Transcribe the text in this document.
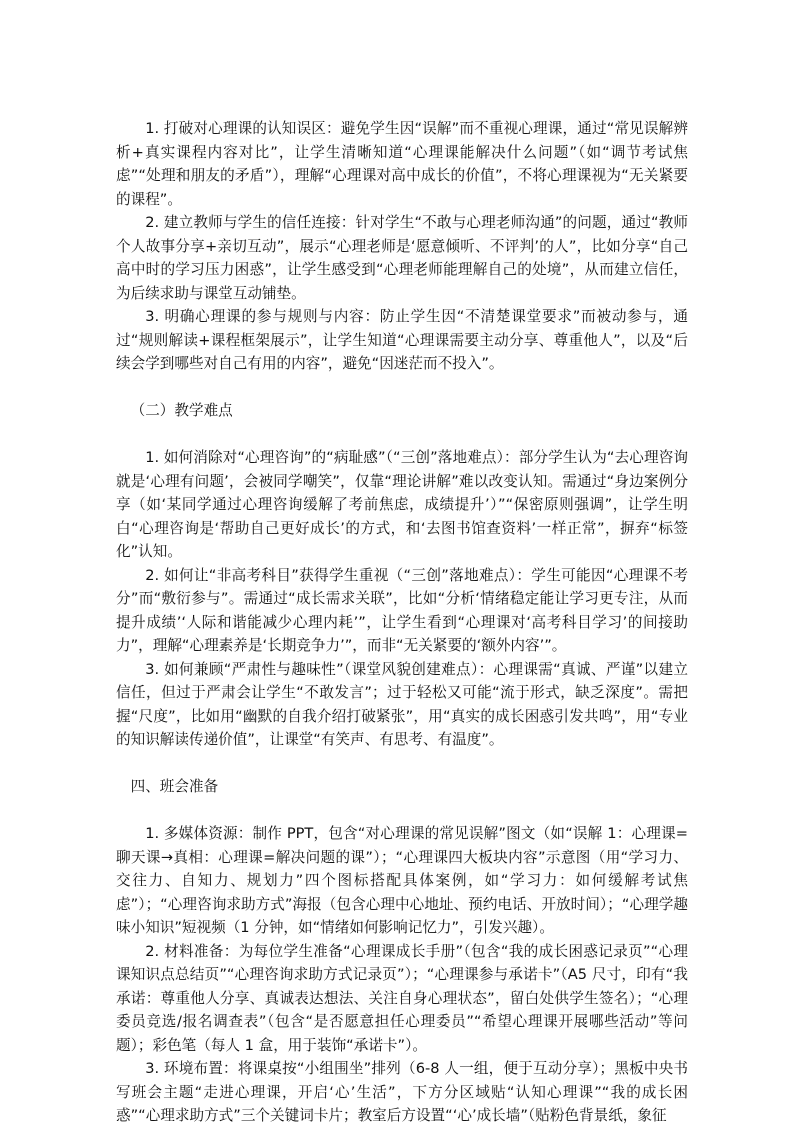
1. 打破对心理课的认知误区：避免学生因“误解”而不重视心理课，通过“常见误解辨析+真实课程内容对比”，让学生清晰知道“心理课能解决什么问题”（如“调节考试焦虑”“处理和朋友的矛盾”），理解“心理课对高中成长的价值”，不将心理课视为“无关紧要的课程”。

2. 建立教师与学生的信任连接：针对学生“不敢与心理老师沟通”的问题，通过“教师个人故事分享+亲切互动”，展示“心理老师是‘愿意倾听、不评判’的人”，比如分享“自己高中时的学习压力困惑”，让学生感受到“心理老师能理解自己的处境”，从而建立信任，为后续求助与课堂互动铺垫。

3. 明确心理课的参与规则与内容：防止学生因“不清楚课堂要求”而被动参与，通过“规则解读+课程框架展示”，让学生知道“心理课需要主动分享、尊重他人”，以及“后续会学到哪些对自己有用的内容”，避免“因迷茫而不投入”。

（二）教学难点

1. 如何消除对“心理咨询”的“病耻感”（“三创”落地难点）：部分学生认为“去心理咨询就是‘心理有问题’，会被同学嘲笑”，仅靠“理论讲解”难以改变认知。需通过“身边案例分享（如‘某同学通过心理咨询缓解了考前焦虑，成绩提升’）”“保密原则强调”，让学生明白“心理咨询是‘帮助自己更好成长’的方式，和‘去图书馆查资料’一样正常”，摒弃“标签化”认知。

2. 如何让“非高考科目”获得学生重视（“三创”落地难点）：学生可能因“心理课不考分”而“敷衍参与”。需通过“成长需求关联”，比如“分析‘情绪稳定能让学习更专注，从而提升成绩’‘人际和谐能减少心理内耗’”，让学生看到“心理课对‘高考科目学习’的间接助力”，理解“心理素养是‘长期竞争力’”，而非“无关紧要的‘额外内容’”。

3. 如何兼顾“严肃性与趣味性”（课堂风貌创建难点）：心理课需“真诚、严谨”以建立信任，但过于严肃会让学生“不敢发言”；过于轻松又可能“流于形式，缺乏深度”。需把握“尺度”，比如用“幽默的自我介绍打破紧张”，用“真实的成长困惑引发共鸣”，用“专业的知识解读传递价值”，让课堂“有笑声、有思考、有温度”。

四、班会准备

1. 多媒体资源：制作 PPT，包含“对心理课的常见误解”图文（如“误解 1：心理课=聊天课→真相：心理课=解决问题的课”）；“心理课四大板块内容”示意图（用“学习力、交往力、自知力、规划力”四个图标搭配具体案例，如“学习力：如何缓解考试焦虑”）；“心理咨询求助方式”海报（包含心理中心地址、预约电话、开放时间）；“心理学趣味小知识”短视频（1 分钟，如“情绪如何影响记忆力”，引发兴趣）。

2. 材料准备：为每位学生准备“心理课成长手册”（包含“我的成长困惑记录页”“心理课知识点总结页”“心理咨询求助方式记录页”）；“心理课参与承诺卡”（A5 尺寸，印有“我承诺：尊重他人分享、真诚表达想法、关注自身心理状态”，留白处供学生签名）；“心理委员竞选/报名调查表”（包含“是否愿意担任心理委员”“希望心理课开展哪些活动”等问题）；彩色笔（每人 1 盒，用于装饰“承诺卡”）。

3. 环境布置：将课桌按“小组围坐”排列（6-8 人一组，便于互动分享）；黑板中央书写班会主题“走进心理课，开启‘心’生活”，下方分区域贴“认知心理课”“我的成长困惑”“心理求助方式”三个关键词卡片；教室后方设置“‘心’成长墙”（贴粉色背景纸，象征
